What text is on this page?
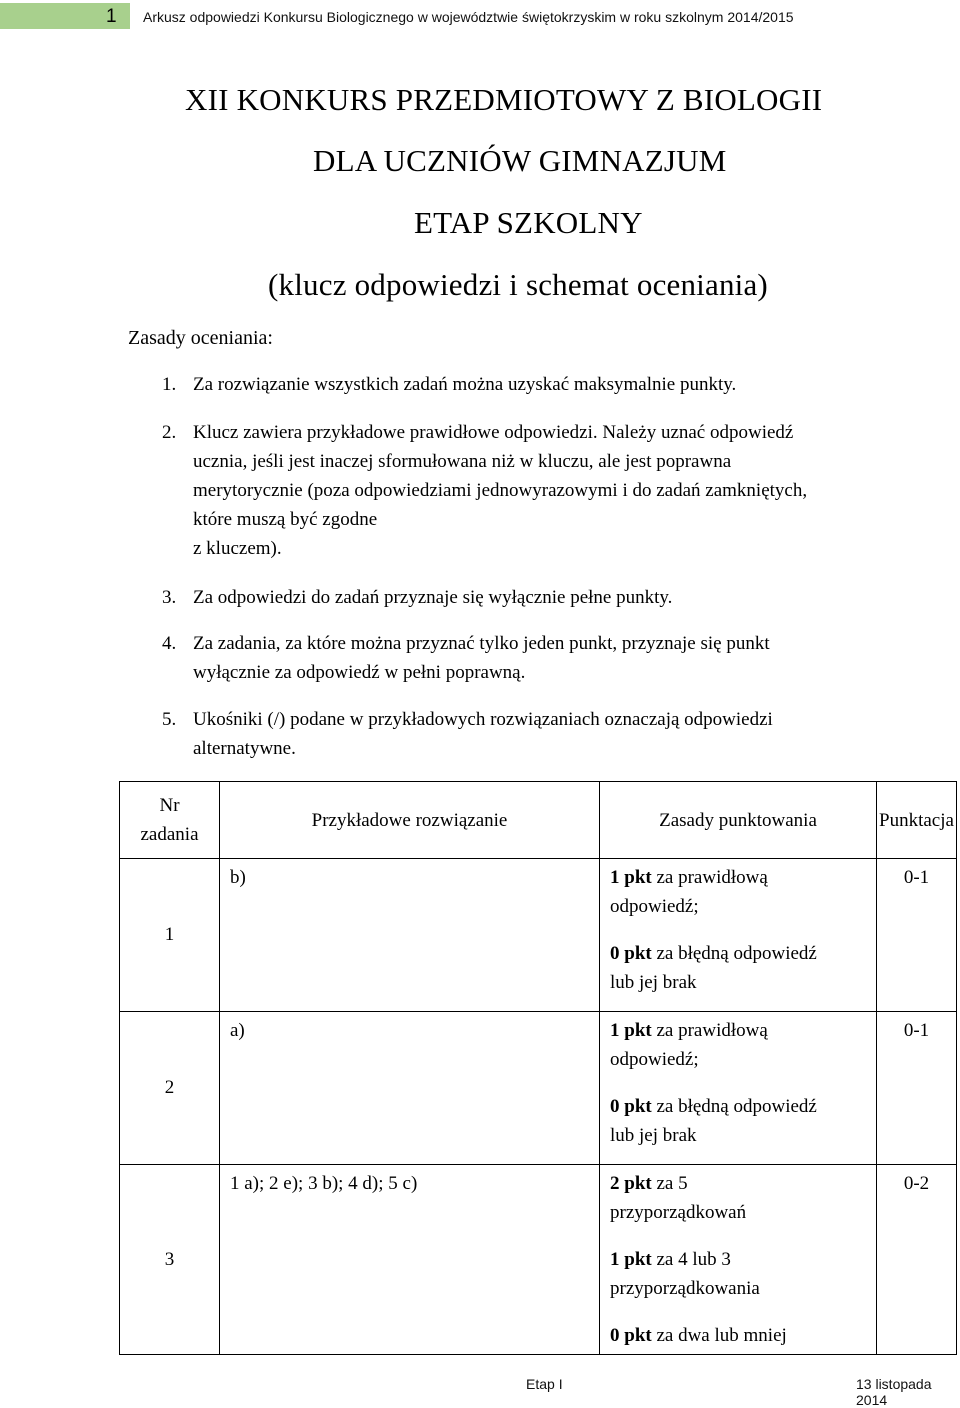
1 Arkusz odpowiedzi Konkursu Biologicznego w województwie świętokrzyskim w roku szkolnym 2014/2015
XII KONKURS PRZEDMIOTOWY Z BIOLOGII
DLA UCZNIÓW GIMNAZJUM
ETAP SZKOLNY
(klucz odpowiedzi i schemat oceniania)
Zasady oceniania:
1. Za rozwiązanie wszystkich zadań można uzyskać maksymalnie punkty.
2. Klucz zawiera przykładowe prawidłowe odpowiedzi. Należy uznać odpowiedź
ucznia, jeśli jest inaczej sformułowana niż w kluczu, ale jest poprawna
merytorycznie (poza odpowiedziami jednowyrazowymi i do zadań zamkniętych,
które muszą być zgodne
z kluczem).
3. Za odpowiedzi do zadań przyznaje się wyłącznie pełne punkty.
4. Za zadania, za które można przyznać tylko jeden punkt, przyznaje się punkt
wyłącznie za odpowiedź w pełni poprawną.
5. Ukośniki (/) podane w przykładowych rozwiązaniach oznaczają odpowiedzi
alternatywne.
Nr
zadania	Przykładowe rozwiązanie	Zasady punktowania	Punktacja
1	b)	1 pkt za prawidłową
odpowiedź;
0 pkt za błędną odpowiedź
lub jej brak	0-1
2	a)	1 pkt za prawidłową
odpowiedź;
0 pkt za błędną odpowiedź
lub jej brak	0-1
3	1 a); 2 e); 3 b); 4 d); 5 c)	2 pkt za 5
przyporządkowań
1 pkt za 4 lub 3
przyporządkowania
0 pkt za dwa lub mniej	0-2
Etap I	13 listopada 2014
